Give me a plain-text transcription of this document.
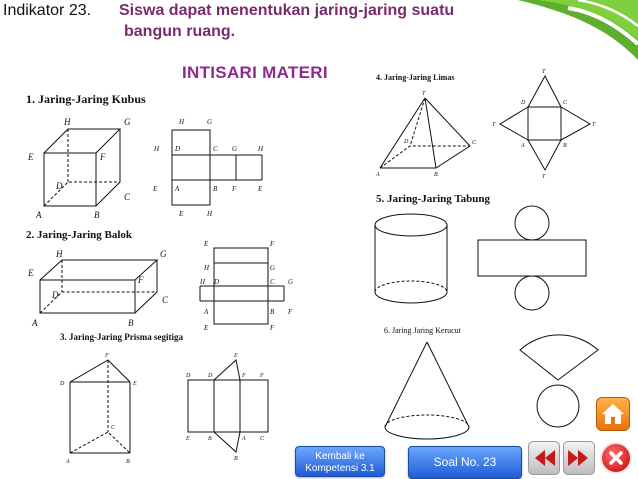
Indikator 23. Siswa dapat menentukan jaring-jaring suatu
bangun ruang.
INTISARI MATERI
1. Jaring-Jaring Kubus
2. Jaring-Jaring Balok
3. Jaring-Jaring Prisma segitiga
4. Jaring-Jaring Limas
5. Jaring-Jaring Tabung
6. Jaring Jaring Kerucut
H	G
E	F
D
C
A	B
H	G
H D	C G	H
E	A	B F	E
E	H
H	G
E
F
D	C
A	B
E	F
H	G
H D	C G
A	B F
E	F
F
D	E
C
A	B
E
D	D	F F
E	B	A C
B
T
D	C
A	B
T
D	C
T	T
A	B
T
Kembali ke
Kompetensi 3.1	Soal No. 23
